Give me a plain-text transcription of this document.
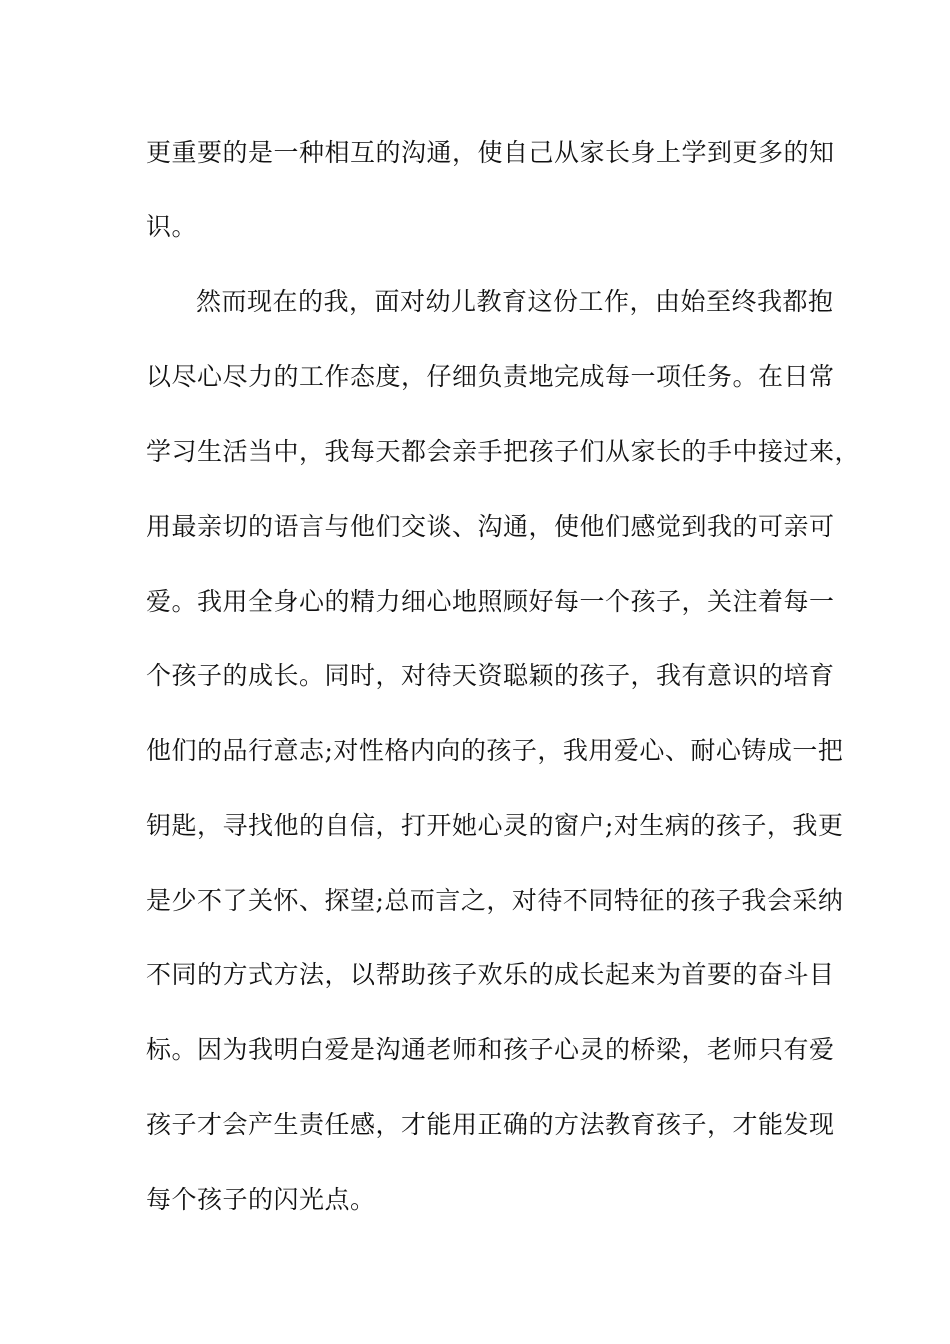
更重要的是一种相互的沟通，使自己从家长身上学到更多的知
识。
然而现在的我，面对幼儿教育这份工作，由始至终我都抱
以尽心尽力的工作态度，仔细负责地完成每一项任务。在日常
学习生活当中，我每天都会亲手把孩子们从家长的手中接过来，
用最亲切的语言与他们交谈、沟通，使他们感觉到我的可亲可
爱。我用全身心的精力细心地照顾好每一个孩子，关注着每一
个孩子的成长。同时，对待天资聪颖的孩子，我有意识的培育
他们的品行意志;对性格内向的孩子，我用爱心、耐心铸成一把
钥匙，寻找他的自信，打开她心灵的窗户;对生病的孩子，我更
是少不了关怀、探望;总而言之，对待不同特征的孩子我会采纳
不同的方式方法，以帮助孩子欢乐的成长起来为首要的奋斗目
标。因为我明白爱是沟通老师和孩子心灵的桥梁，老师只有爱
孩子才会产生责任感，才能用正确的方法教育孩子，才能发现
每个孩子的闪光点。
